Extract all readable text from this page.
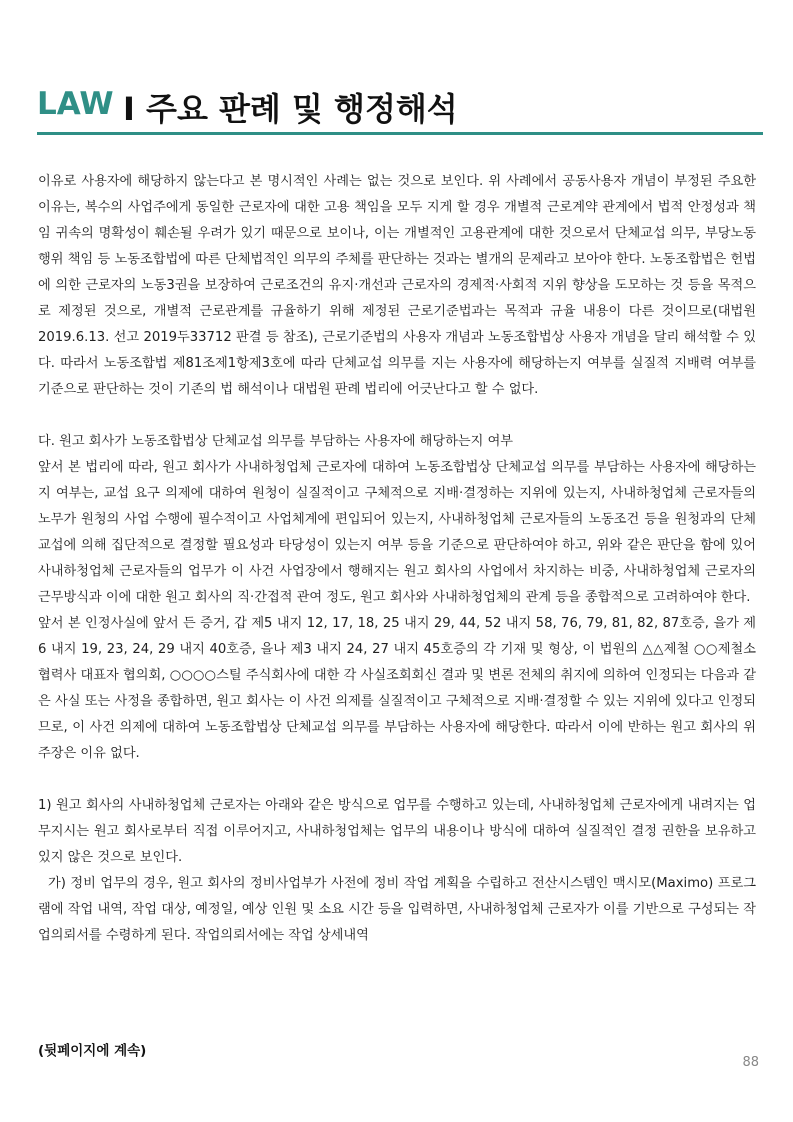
LAW I 주요 판례 및 행정해석

이유로 사용자에 해당하지 않는다고 본 명시적인 사례는 없는 것으로 보인다. 위 사례에서 공동사용자 개념이 부정된 주요한 이유는, 복수의 사업주에게 동일한 근로자에 대한 고용 책임을 모두 지게 할 경우 개별적 근로계약 관계에서 법적 안정성과 책임 귀속의 명확성이 훼손될 우려가 있기 때문으로 보이나, 이는 개별적인 고용관계에 대한 것으로서 단체교섭 의무, 부당노동행위 책임 등 노동조합법에 따른 단체법적인 의무의 주체를 판단하는 것과는 별개의 문제라고 보아야 한다. 노동조합법은 헌법에 의한 근로자의 노동3권을 보장하여 근로조건의 유지·개선과 근로자의 경제적·사회적 지위 향상을 도모하는 것 등을 목적으로 제정된 것으로, 개별적 근로관계를 규율하기 위해 제정된 근로기준법과는 목적과 규율 내용이 다른 것이므로(대법원 2019.6.13. 선고 2019두33712 판결 등 참조), 근로기준법의 사용자 개념과 노동조합법상 사용자 개념을 달리 해석할 수 있다. 따라서 노동조합법 제81조제1항제3호에 따라 단체교섭 의무를 지는 사용자에 해당하는지 여부를 실질적 지배력 여부를 기준으로 판단하는 것이 기존의 법 해석이나 대법원 판례 법리에 어긋난다고 할 수 없다.

다. 원고 회사가 노동조합법상 단체교섭 의무를 부담하는 사용자에 해당하는지 여부

앞서 본 법리에 따라, 원고 회사가 사내하청업체 근로자에 대하여 노동조합법상 단체교섭 의무를 부담하는 사용자에 해당하는지 여부는, 교섭 요구 의제에 대하여 원청이 실질적이고 구체적으로 지배·결정하는 지위에 있는지, 사내하청업체 근로자들의 노무가 원청의 사업 수행에 필수적이고 사업체계에 편입되어 있는지, 사내하청업체 근로자들의 노동조건 등을 원청과의 단체교섭에 의해 집단적으로 결정할 필요성과 타당성이 있는지 여부 등을 기준으로 판단하여야 하고, 위와 같은 판단을 함에 있어 사내하청업체 근로자들의 업무가 이 사건 사업장에서 행해지는 원고 회사의 사업에서 차지하는 비중, 사내하청업체 근로자의 근무방식과 이에 대한 원고 회사의 직·간접적 관여 정도, 원고 회사와 사내하청업체의 관계 등을 종합적으로 고려하여야 한다.

앞서 본 인정사실에 앞서 든 증거, 갑 제5 내지 12, 17, 18, 25 내지 29, 44, 52 내지 58, 76, 79, 81, 82, 87호증, 을가 제6 내지 19, 23, 24, 29 내지 40호증, 을나 제3 내지 24, 27 내지 45호증의 각 기재 및 형상, 이 법원의 △△제철 ○○제철소 협력사 대표자 협의회, ○○○○스틸 주식회사에 대한 각 사실조회회신 결과 및 변론 전체의 취지에 의하여 인정되는 다음과 같은 사실 또는 사정을 종합하면, 원고 회사는 이 사건 의제를 실질적이고 구체적으로 지배·결정할 수 있는 지위에 있다고 인정되므로, 이 사건 의제에 대하여 노동조합법상 단체교섭 의무를 부담하는 사용자에 해당한다. 따라서 이에 반하는 원고 회사의 위 주장은 이유 없다.

1) 원고 회사의 사내하청업체 근로자는 아래와 같은 방식으로 업무를 수행하고 있는데, 사내하청업체 근로자에게 내려지는 업무지시는 원고 회사로부터 직접 이루어지고, 사내하청업체는 업무의 내용이나 방식에 대하여 실질적인 결정 권한을 보유하고 있지 않은 것으로 보인다.

가) 정비 업무의 경우, 원고 회사의 정비사업부가 사전에 정비 작업 계획을 수립하고 전산시스템인 맥시모(Maximo) 프로그램에 작업 내역, 작업 대상, 예정일, 예상 인원 및 소요 시간 등을 입력하면, 사내하청업체 근로자가 이를 기반으로 구성되는 작업의뢰서를 수령하게 된다. 작업의뢰서에는 작업 상세내역

(뒷페이지에 계속)
88
